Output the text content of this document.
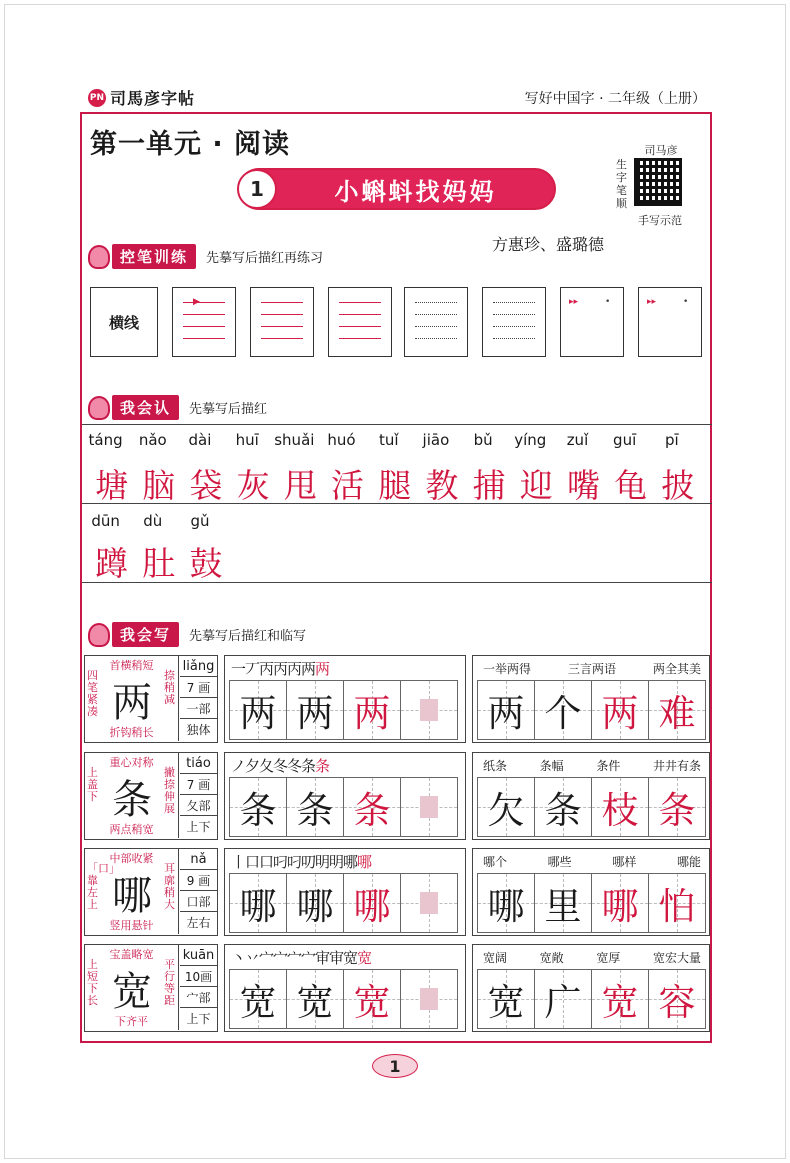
PN 司馬彦字帖	写好中国字 · 二年级（上册）
第一单元 · 阅读
1	小蝌蚪找妈妈
方惠珍、盛璐德
司马彦
生字笔顺
手写示范
控笔训练	先摹写后描红再练习
横线
▶	▸▸	•	▸▸	•
我会认	先摹写后描红
táng	nǎo	dài	huī	shuǎi huó	tuǐ	jiāo	bǔ	yíng	zuǐ	guī	pī
塘 脑 袋 灰 甩 活 腿 教 捕 迎 嘴 龟 披
dūn	dù	gǔ
蹲 肚 鼓
我会写	先摹写后描红和临写
首横稍短
四笔紧凑
捺稍减
两
折钩稍长
liǎng
7 画
一部
独体
一丆丙丙丙两两
两 两 两
一举两得	三言两语	两全其美
两 个 两 难
重心对称
上盖下
撇捺伸展
条
两点稍宽
tiáo
7 画
夂部
上下
ノ夕夂冬冬条条
条 条 条
纸条	条幅	条件	井井有条
欠 条 枝 条
中部收紧
「口」靠左上
耳廓稍大
哪
竖用悬针
nǎ
9 画
口部
左右
丨口口叼叼叨明明哪哪
哪 哪 哪
哪个	哪些	哪样	哪能
哪 里 哪 怕
宝盖略宽
上短下长
平行等距
宽
下齐平
kuān
10画
宀部
上下
丶丷宀宀宀宀审审宽宽
宽 宽 宽
宽阔	宽敞	宽厚	宽宏大量
宽 广 宽 容
1
